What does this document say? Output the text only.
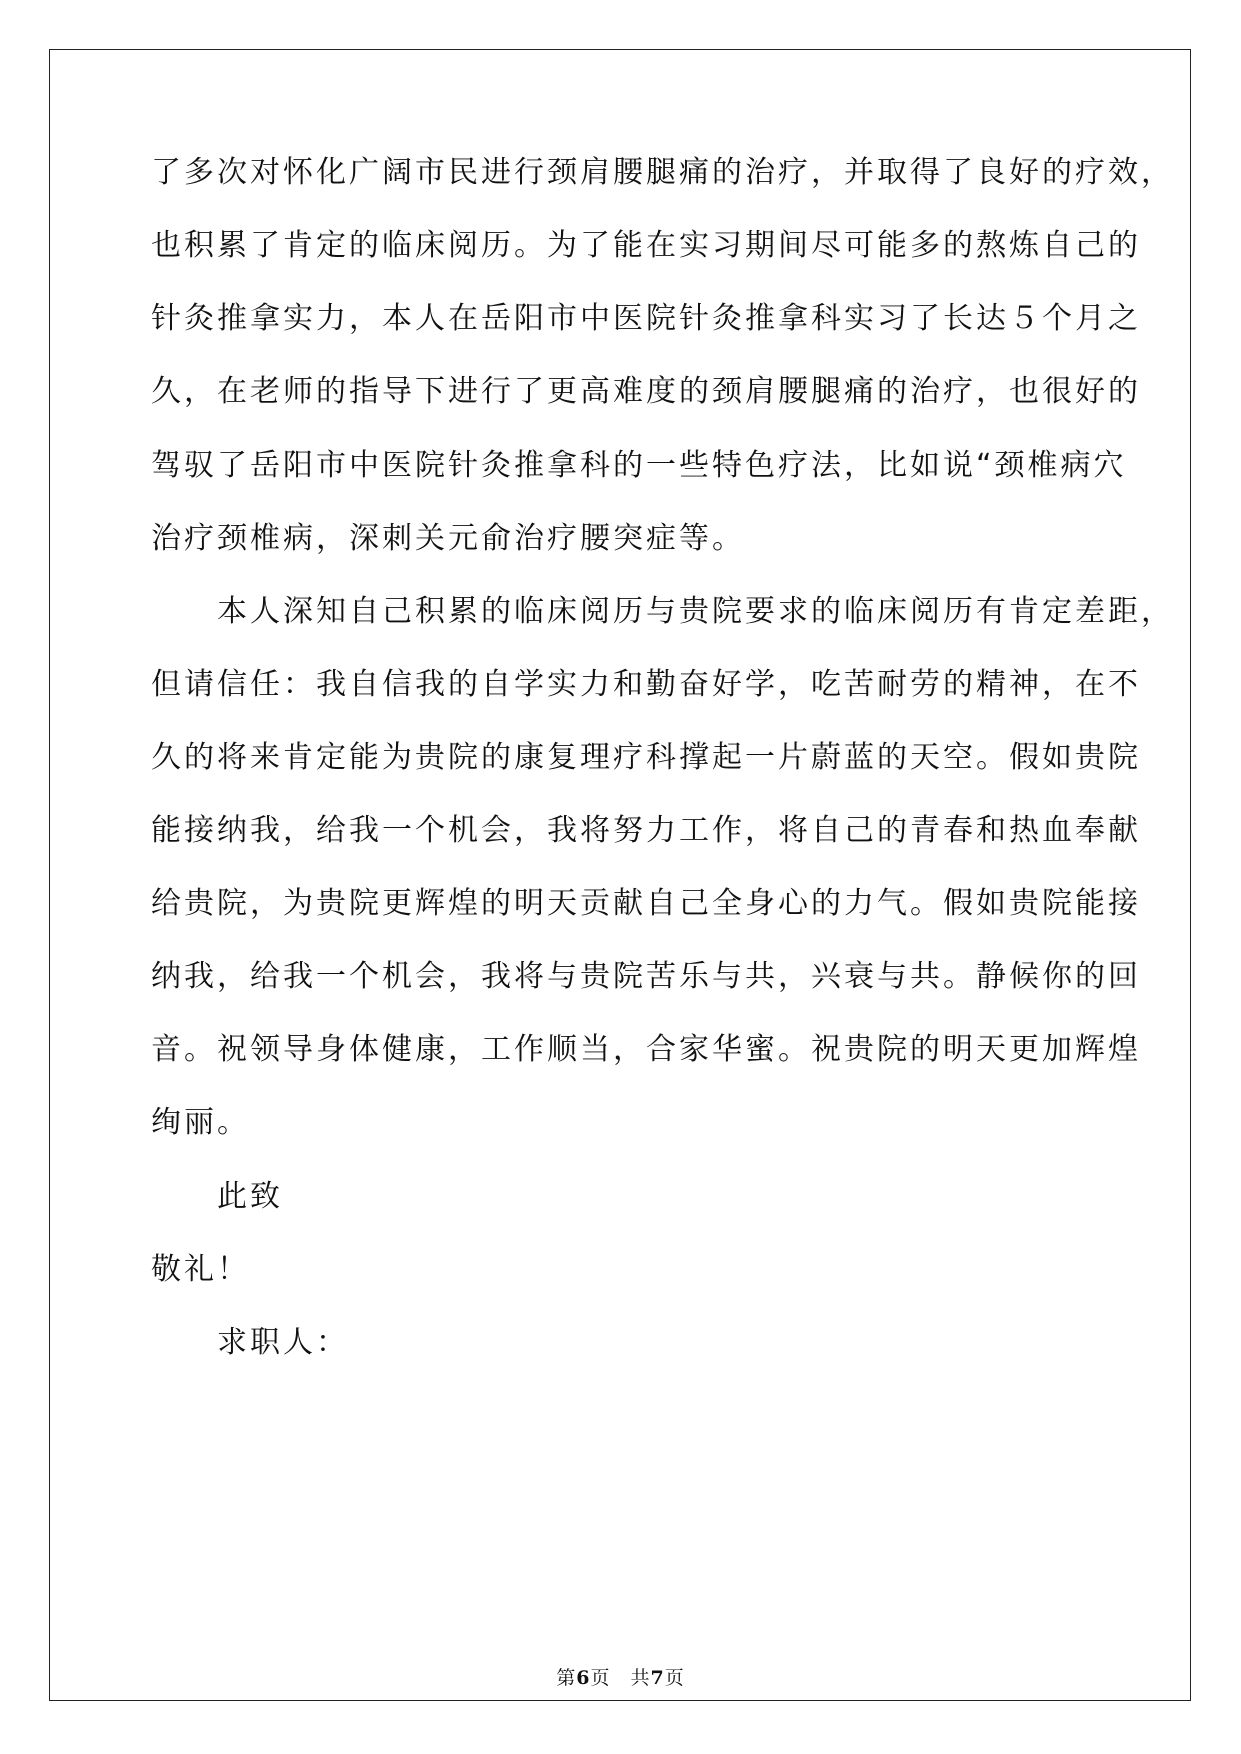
了多次对怀化广阔市民进行颈肩腰腿痛的治疗，并取得了良好的疗效，
也积累了肯定的临床阅历。为了能在实习期间尽可能多的熬炼自己的
针灸推拿实力，本人在岳阳市中医院针灸推拿科实习了长达５个月之
久，在老师的指导下进行了更高难度的颈肩腰腿痛的治疗，也很好的
驾驭了岳阳市中医院针灸推拿科的一些特色疗法，比如说“颈椎病穴
治疗颈椎病，深刺关元俞治疗腰突症等。
　　本人深知自己积累的临床阅历与贵院要求的临床阅历有肯定差距，
但请信任：我自信我的自学实力和勤奋好学，吃苦耐劳的精神，在不
久的将来肯定能为贵院的康复理疗科撑起一片蔚蓝的天空。假如贵院
能接纳我，给我一个机会，我将努力工作，将自己的青春和热血奉献
给贵院，为贵院更辉煌的明天贡献自己全身心的力气。假如贵院能接
纳我，给我一个机会，我将与贵院苦乐与共，兴衰与共。静候你的回
音。祝领导身体健康，工作顺当，合家华蜜。祝贵院的明天更加辉煌
绚丽。
　　此致
敬礼！
　　求职人：
第6页　共7页
